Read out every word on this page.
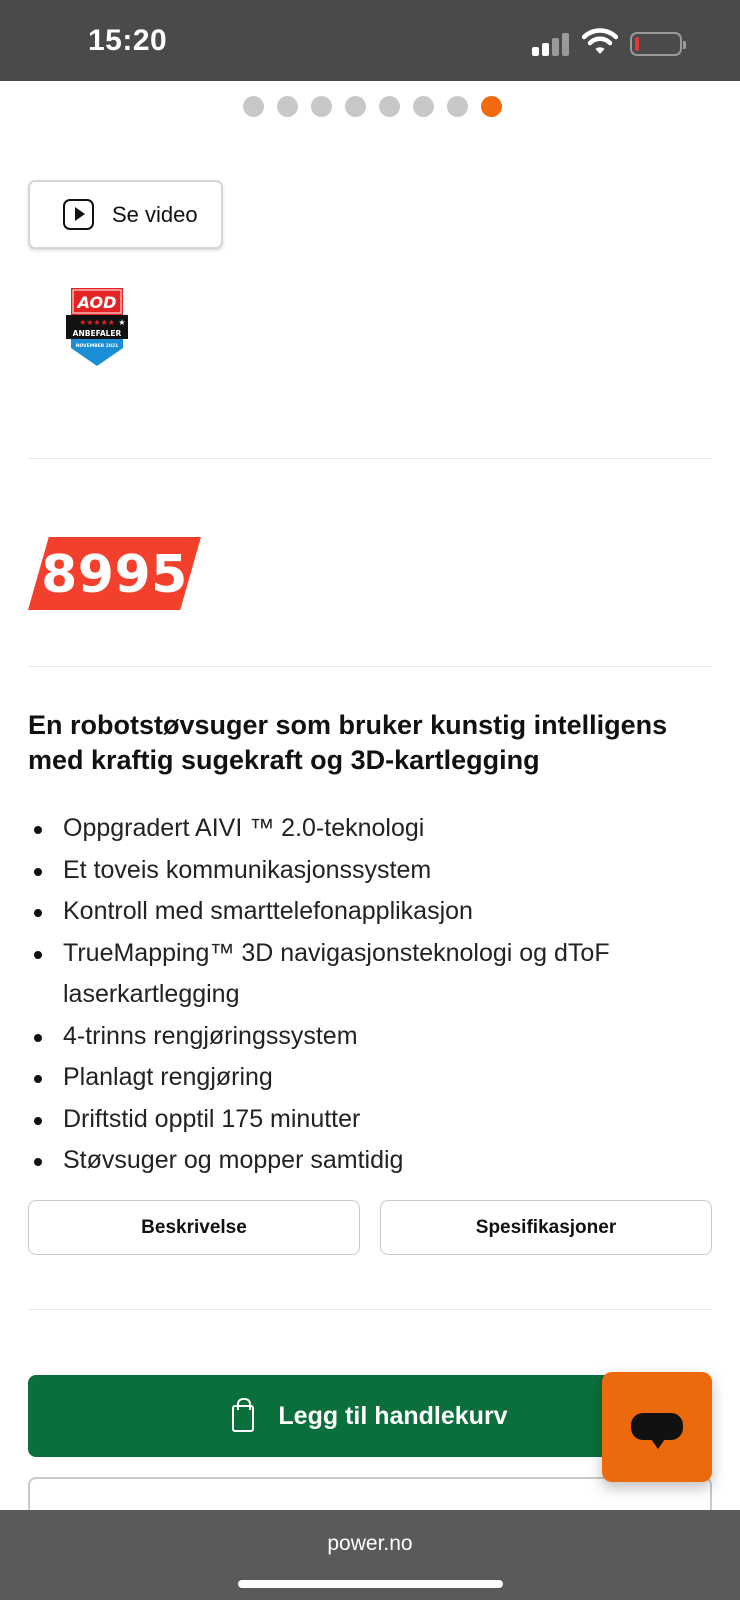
15:20
Se video
AOD
★★★★★ ★
ANBEFALER
NOVEMBER 2021
8995
En robotstøvsuger som bruker kunstig intelligens med kraftig sugekraft og 3D-kartlegging
Oppgradert AIVI ™ 2.0-teknologi
Et toveis kommunikasjonssystem
Kontroll med smarttelefonapplikasjon
TrueMapping™ 3D navigasjonsteknologi og dToF laserkartlegging
4-trinns rengjøringssystem
Planlagt rengjøring
Driftstid opptil 175 minutter
Støvsuger og mopper samtidig
Beskrivelse	Spesifikasjoner
Legg til handlekurv
power.no
